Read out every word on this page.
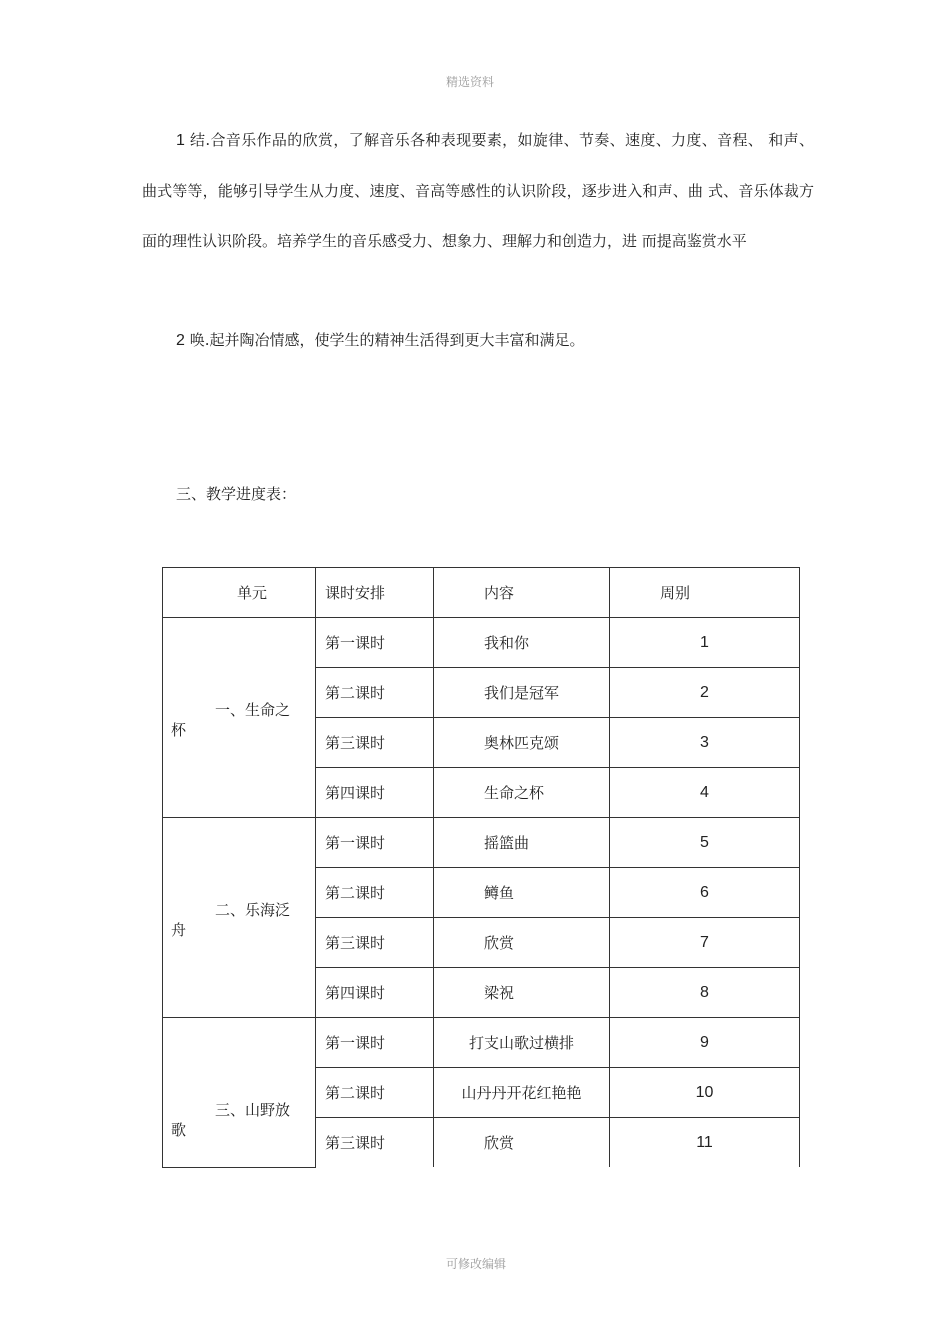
精选资料

1 结.合音乐作品的欣赏，了解音乐各种表现要素，如旋律、节奏、速度、力度、音程、 和声、曲式等等，能够引导学生从力度、速度、音高等感性的认识阶段，逐步进入和声、曲 式、音乐体裁方面的理性认识阶段。培养学生的音乐感受力、想象力、理解力和创造力，进 而提高鉴赏水平

2 唤.起并陶冶情感，使学生的精神生活得到更大丰富和满足。

三、教学进度表：
单元	课时安排	内容	周别

一、生命之
杯	第一课时	我和你	1
	第二课时	我们是冠军	2
	第三课时	奥林匹克颂	3
	第四课时	生命之杯	4

二、乐海泛
舟	第一课时	摇篮曲	5
	第二课时	鳟鱼	6
	第三课时	欣赏	7
	第四课时	梁祝	8

三、山野放
歌	第一课时	打支山歌过横排	9
	第二课时	山丹丹开花红艳艳	10
	第三课时	欣赏	11
可修改编辑
